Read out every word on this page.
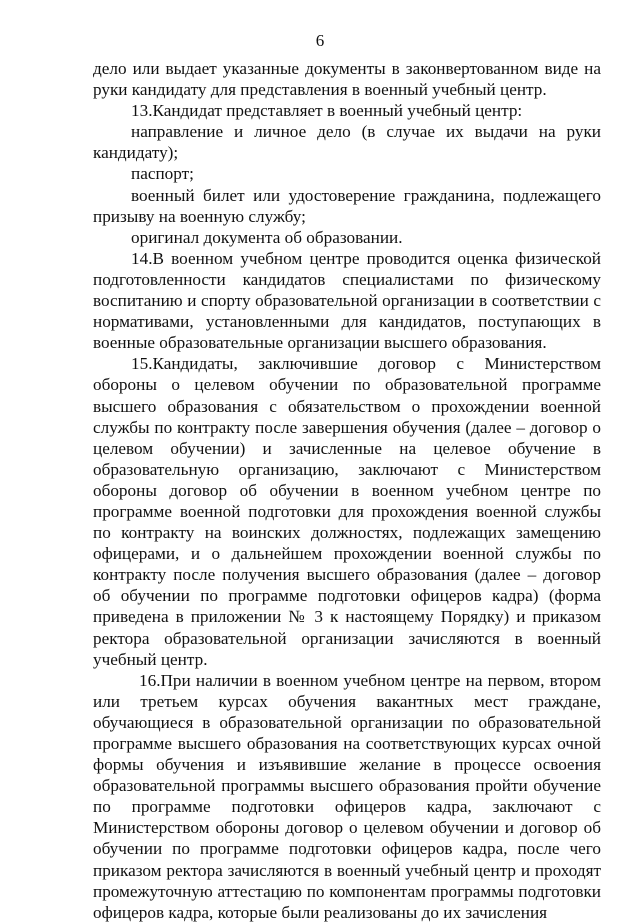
6

дело или выдает указанные документы в законвертованном виде на руки кандидату для представления в военный учебный центр.

13.Кандидат представляет в военный учебный центр:

направление и личное дело (в случае их выдачи на руки кандидату);

паспорт;

военный билет или удостоверение гражданина, подлежащего призыву на военную службу;

оригинал документа об образовании.

14.В военном учебном центре проводится оценка физической подготовленности кандидатов специалистами по физическому воспитанию и спорту образовательной организации в соответствии с нормативами, установленными для кандидатов, поступающих в военные образовательные организации высшего образования.

15.Кандидаты, заключившие договор с Министерством обороны о целевом обучении по образовательной программе высшего образования с обязательством о прохождении военной службы по контракту после завершения обучения (далее – договор о целевом обучении) и зачисленные на целевое обучение в образовательную организацию, заключают с Министерством обороны договор об обучении в военном учебном центре по программе военной подготовки для прохождения военной службы по контракту на воинских должностях, подлежащих замещению офицерами, и о дальнейшем прохождении военной службы по контракту после получения высшего образования (далее – договор об обучении по программе подготовки офицеров кадра) (форма приведена в приложении № 3 к настоящему Порядку) и приказом ректора образовательной организации зачисляются в военный учебный центр.

16.При наличии в военном учебном центре на первом, втором или третьем курсах обучения вакантных мест граждане, обучающиеся в образовательной организации по образовательной программе высшего образования на соответствующих курсах очной формы обучения и изъявившие желание в процессе освоения образовательной программы высшего образования пройти обучение по программе подготовки офицеров кадра, заключают с Министерством обороны договор о целевом обучении и договор об обучении по программе подготовки офицеров кадра, после чего приказом ректора зачисляются в военный учебный центр и проходят промежуточную аттестацию по компонентам программы подготовки офицеров кадра, которые были реализованы до их зачисления
